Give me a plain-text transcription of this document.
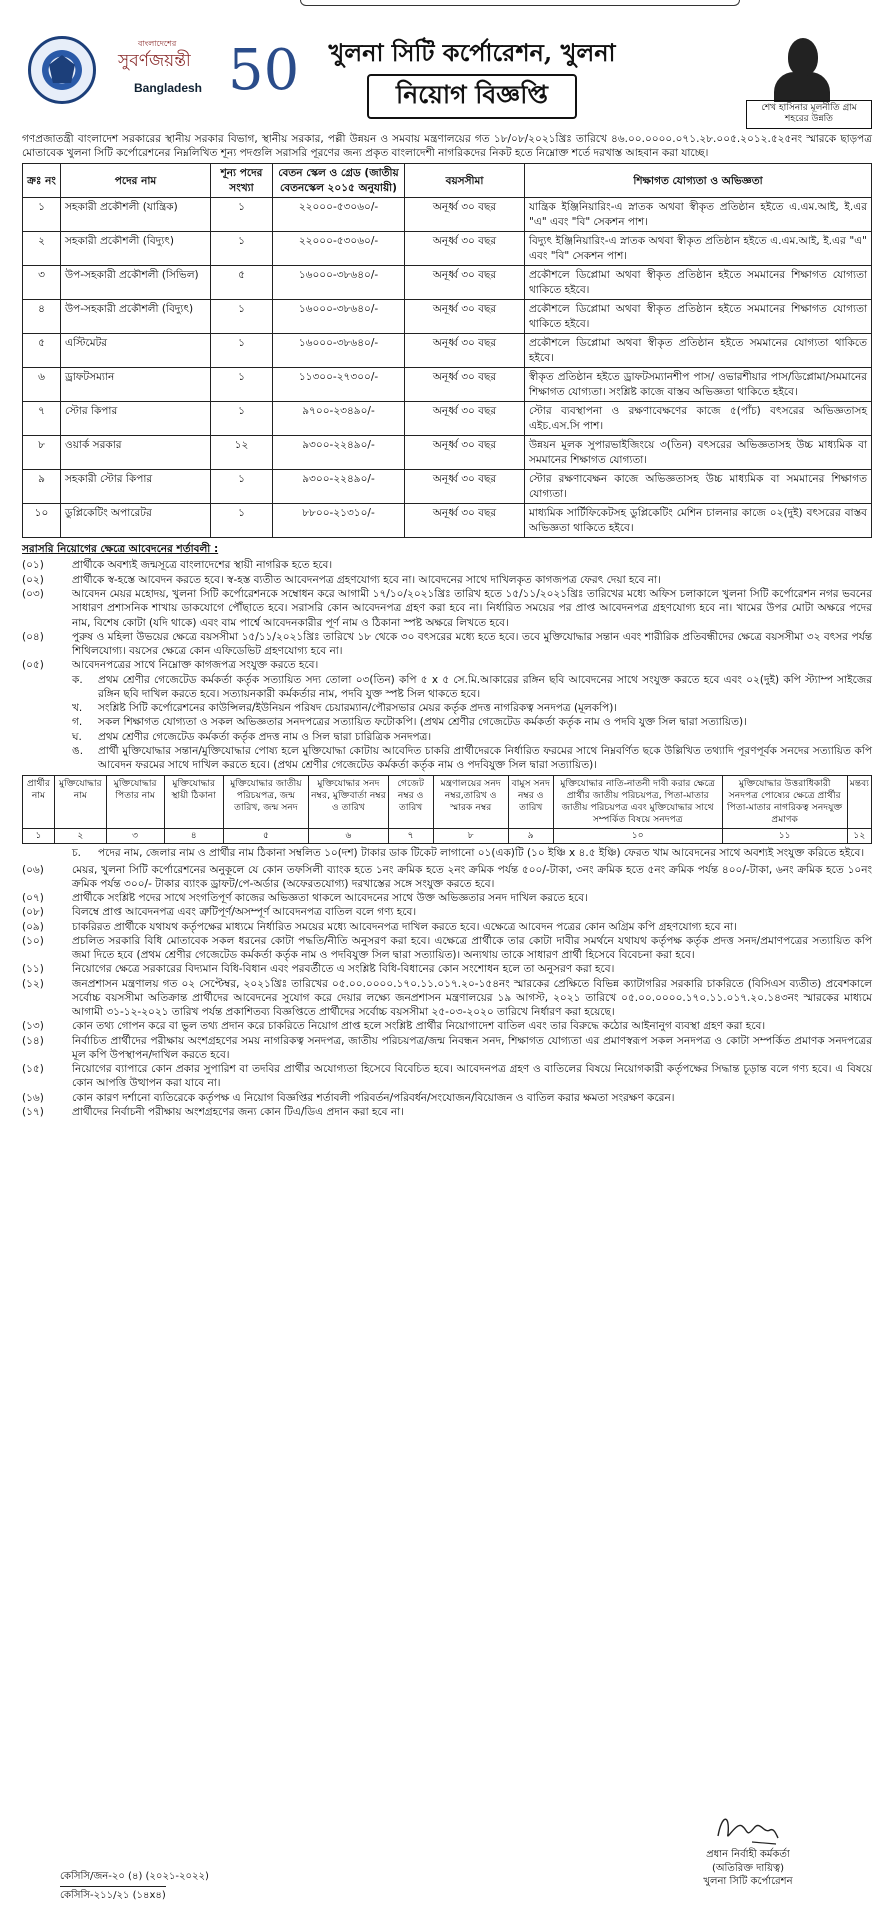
বাংলাদেশের
সুবর্ণজয়ন্তী
Bangladesh 50 খুলনা সিটি কর্পোরেশন, খুলনা
নিয়োগ বিজ্ঞপ্তি	শেখ হাসিনার মূলনীতি গ্রাম শহরের উন্নতি

গণপ্রজাতন্ত্রী বাংলাদেশ সরকারের স্থানীয় সরকার বিভাগ, স্থানীয় সরকার, পল্লী উন্নয়ন ও সমবায় মন্ত্রণালয়ের গত ১৮/০৮/২০২১খ্রিঃ তারিখে ৪৬.০০.০০০০.০৭১.২৮.০০৫.২০১২.৫২৫নং স্মারকে ছাড়পত্র মোতাবেক খুলনা সিটি কর্পোরেশনের নিম্নলিখিত শূন্য পদগুলি সরাসরি পূরণের জন্য প্রকৃত বাংলাদেশী নাগরিকদের নিকট হতে নিম্নোক্ত শর্তে দরখাস্ত আহবান করা যাচ্ছে।

ক্রঃ নং	পদের নাম	শূন্য পদের সংখ্যা	বেতন স্কেল ও গ্রেড (জাতীয় বেতনস্কেল ২০১৫ অনুযায়ী)	বয়সসীমা	শিক্ষাগত যোগ্যতা ও অভিজ্ঞতা
১	সহকারী প্রকৌশলী (যান্ত্রিক)	১	২২০০০-৫৩০৬০/-	অনূর্ধ্ব ৩০ বছর	যান্ত্রিক ইঞ্জিনিয়ারিং-এ স্নাতক অথবা স্বীকৃত প্রতিষ্ঠান হইতে এ.এম.আই, ই.এর "এ" এবং "বি" সেকশন পাশ।
২	সহকারী প্রকৌশলী (বিদ্যুৎ)	১	২২০০০-৫৩০৬০/-	অনূর্ধ্ব ৩০ বছর	বিদ্যুৎ ইঞ্জিনিয়ারিং-এ স্নাতক অথবা স্বীকৃত প্রতিষ্ঠান হইতে এ.এম.আই, ই.এর "এ" এবং "বি" সেকশন পাশ।
৩	উপ-সহকারী প্রকৌশলী (সিভিল)	৫	১৬০০০-৩৮৬৪০/-	অনূর্ধ্ব ৩০ বছর	প্রকৌশলে ডিপ্লোমা অথবা স্বীকৃত প্রতিষ্ঠান হইতে সমমানের শিক্ষাগত যোগ্যতা থাকিতে হইবে।
৪	উপ-সহকারী প্রকৌশলী (বিদ্যুৎ)	১	১৬০০০-৩৮৬৪০/-	অনূর্ধ্ব ৩০ বছর	প্রকৌশলে ডিপ্লোমা অথবা স্বীকৃত প্রতিষ্ঠান হইতে সমমানের শিক্ষাগত যোগ্যতা থাকিতে হইবে।
৫	এস্টিমেটর	১	১৬০০০-৩৮৬৪০/-	অনূর্ধ্ব ৩০ বছর	প্রকৌশলে ডিপ্লোমা অথবা স্বীকৃত প্রতিষ্ঠান হইতে সমমানের যোগ্যতা থাকিতে হইবে।
৬	ড্রাফটসম্যান	১	১১৩০০-২৭৩০০/-	অনূর্ধ্ব ৩০ বছর	স্বীকৃত প্রতিষ্ঠান হইতে ড্রাফটসম্যানশীপ পাস/ ওভারশীয়ার পাস/ডিপ্লোমা/সমমানের শিক্ষাগত যোগ্যতা। সংশ্লিষ্ট কাজে বাস্তব অভিজ্ঞতা থাকিতে হইবে।
৭	স্টোর কিপার	১	৯৭০০-২৩৪৯০/-	অনূর্ধ্ব ৩০ বছর	স্টোর ব্যবস্থাপনা ও রক্ষণাবেক্ষণের কাজে ৫(পাঁচ) বৎসরের অভিজ্ঞতাসহ এইচ.এস.সি পাশ।
৮	ওয়ার্ক সরকার	১২	৯৩০০-২২৪৯০/-	অনূর্ধ্ব ৩০ বছর	উন্নয়ন মূলক সুপারভাইজিংয়ে ৩(তিন) বৎসরের অভিজ্ঞতাসহ উচ্চ মাধ্যমিক বা সমমানের শিক্ষাগত যোগ্যতা।
৯	সহকারী স্টোর কিপার	১	৯৩০০-২২৪৯০/-	অনূর্ধ্ব ৩০ বছর	স্টোর রক্ষণাবেক্ষন কাজে অভিজ্ঞতাসহ উচ্চ মাধ্যমিক বা সমমানের শিক্ষাগত যোগ্যতা।
১০	ডুপ্লিকেটিং অপারেটর	১	৮৮০০-২১৩১০/-	অনূর্ধ্ব ৩০ বছর	মাধ্যমিক সার্টিফিকেটসহ ডুপ্লিকেটিং মেশিন চালনার কাজে ০২(দুই) বৎসরের বাস্তব অভিজ্ঞতা থাকিতে হইবে।
সরাসরি নিয়োগের ক্ষেত্রে আবেদনের শর্তাবলী :
(০১)	প্রার্থীকে অবশ্যই জন্মসূত্রে বাংলাদেশের স্থায়ী নাগরিক হতে হবে।
(০২)	প্রার্থীকে স্ব-হস্তে আবেদন করতে হবে। স্ব-হস্ত ব্যতীত আবেদনপত্র গ্রহণযোগ্য হবে না। আবেদনের সাথে দাখিলকৃত কাগজপত্র ফেরৎ দেয়া হবে না।
(০৩)	আবেদন মেয়র মহোদয়, খুলনা সিটি কর্পোরেশনকে সম্বোধন করে আগামী ১৭/১০/২০২১খ্রিঃ তারিখ হতে ১৫/১১/২০২১খ্রিঃ তারিখের মধ্যে অফিস চলাকালে খুলনা সিটি কর্পোরেশন নগর ভবনের সাধারণ প্রশাসনিক শাখায় ডাকযোগে পৌঁছাতে হবে। সরাসরি কোন আবেদনপত্র গ্রহণ করা হবে না। নির্ধারিত সময়ের পর প্রাপ্ত আবেদনপত্র গ্রহণযোগ্য হবে না। খামের উপর মোটা অক্ষরে পদের নাম, বিশেষ কোটা (যদি থাকে) এবং বাম পার্শ্বে আবেদনকারীর পূর্ণ নাম ও ঠিকানা স্পষ্ট অক্ষরে লিখতে হবে।
(০৪)	পুরুষ ও মহিলা উভয়ের ক্ষেত্রে বয়সসীমা ১৫/১১/২০২১খ্রিঃ তারিখে ১৮ থেকে ৩০ বৎসরের মধ্যে হতে হবে। তবে মুক্তিযোদ্ধার সন্তান এবং শারীরিক প্রতিবন্ধীদের ক্ষেত্রে বয়সসীমা ৩২ বৎসর পর্যন্ত শিথিলযোগ্য। বয়সের ক্ষেত্রে কোন এফিডেভিট গ্রহণযোগ্য হবে না।
(০৫)	আবেদনপত্রের সাথে নিম্নোক্ত কাগজপত্র সংযুক্ত করতে হবে।
ক.	প্রথম শ্রেণীর গেজেটেড কর্মকর্তা কর্তৃক সত্যায়িত সদ্য তোলা ০৩(তিন) কপি ৫ x ৫ সে.মি.আকারের রঙ্গিন ছবি আবেদনের সাথে সংযুক্ত করতে হবে এবং ০২(দুই) কপি স্ট্যাম্প সাইজের রঙ্গিন ছবি দাখিল করতে হবে। সত্যায়নকারী কর্মকর্তার নাম, পদবি যুক্ত স্পষ্ট সিল থাকতে হবে।
খ.	সংশ্লিষ্ট সিটি কর্পোরেশনের কাউন্সিলর/ইউনিয়ন পরিষদ চেয়ারম্যান/পৌরসভার মেয়র কর্তৃক প্রদত্ত নাগরিকত্ব সনদপত্র (মূলকপি)।
গ.	সকল শিক্ষাগত যোগ্যতা ও সকল অভিজ্ঞতার সনদপত্রের সত্যায়িত ফটোকপি। (প্রথম শ্রেণীর গেজেটেড কর্মকর্তা কর্তৃক নাম ও পদবি যুক্ত সিল দ্বারা সত্যায়িত)।
ঘ.	প্রথম শ্রেণীর গেজেটেড কর্মকর্তা কর্তৃক প্রদত্ত নাম ও সিল দ্বারা চারিত্রিক সনদপত্র।
ঙ.	প্রার্থী মুক্তিযোদ্ধার সন্তান/মুক্তিযোদ্ধার পোষ্য হলে মুক্তিযোদ্ধা কোটায় আবেদিত চাকরি প্রার্থীদেরকে নির্ধারিত ফরমের সাথে নিম্নবর্ণিত ছকে উল্লিখিত তথ্যাদি পূরণপূর্বক সনদের সত্যায়িত কপি আবেদন ফরমের সাথে দাখিল করতে হবে। (প্রথম শ্রেণীর গেজেটেড কর্মকর্তা কর্তৃক নাম ও পদবিযুক্ত সিল দ্বারা সত্যায়িত)।
প্রার্থীর নাম	মুক্তিযোদ্ধার নাম	মুক্তিযোদ্ধার পিতার নাম	মুক্তিযোদ্ধার স্থায়ী ঠিকানা	মুক্তিযোদ্ধার জাতীয় পরিচয়পত্র, জন্ম তারিখ, জন্ম সনদ	মুক্তিযোদ্ধার সনদ নম্বর, মুক্তিবার্তা নম্বর ও তারিখ	গেজেট নম্বর ও তারিখ	মন্ত্রণালয়ের সনদ নম্বর,তারিখ ও স্মারক নম্বর	বামুস সনদ নম্বর ও তারিখ	মুক্তিযোদ্ধার নাতি-নাতনী দাবী করার ক্ষেত্রে প্রার্থীর জাতীয় পরিচয়পত্র, পিতা-মাতার জাতীয় পরিচয়পত্র এবং মুক্তিযোদ্ধার সাথে সম্পর্কিত বিষয়ে সনদপত্র	মুক্তিযোদ্ধার উত্তরাধিকারী সনদপত্র পোষ্যের ক্ষেত্রে প্রার্থীর পিতা-মাতার নাগরিকত্ব সনদযুক্ত প্রমাণক	মন্তব্য
১	২	৩	৪	৫	৬	৭	৮	৯	১০	১১	১২
চ.	পদের নাম, জেলার নাম ও প্রার্থীর নাম ঠিকানা সম্বলিত ১০(দশ) টাকার ডাক টিকেট লাগানো ০১(এক)টি (১০ ইঞ্চি x ৪.৫ ইঞ্চি) ফেরত খাম আবেদনের সাথে অবশ্যই সংযুক্ত করিতে হইবে।
(০৬)	মেয়র, খুলনা সিটি কর্পোরেশনের অনুকূলে যে কোন তফসিলী ব্যাংক হতে ১নং ক্রমিক হতে ২নং ক্রমিক পর্যন্ত ৫০০/-টাকা, ৩নং ক্রমিক হতে ৫নং ক্রমিক পর্যন্ত ৪০০/-টাকা, ৬নং ক্রমিক হতে ১০নং ক্রমিক পর্যন্ত ৩০০/- টাকার ব্যাংক ড্রাফট/পে-অর্ডার (অফেরতযোগ্য) দরখাস্তের সঙ্গে সংযুক্ত করতে হবে।
(০৭)	প্রার্থীকে সংশ্লিষ্ট পদের সাথে সংগতিপূর্ণ কাজের অভিজ্ঞতা থাকলে আবেদনের সাথে উক্ত অভিজ্ঞতার সনদ দাখিল করতে হবে।
(০৮)	বিলম্বে প্রাপ্ত আবেদনপত্র এবং ত্রুটিপূর্ণ/অসম্পূর্ণ আবেদনপত্র বাতিল বলে গণ্য হবে।
(০৯)	চাকরিরত প্রার্থীকে যথাযথ কর্তৃপক্ষের মাধ্যমে নির্ধারিত সময়ের মধ্যে আবেদনপত্র দাখিল করতে হবে। এক্ষেত্রে আবেদন পত্রের কোন অগ্রিম কপি গ্রহণযোগ্য হবে না।
(১০)	প্রচলিত সরকারি বিধি মোতাবেক সকল ধরনের কোটা পদ্ধতি/নীতি অনুসরণ করা হবে। এক্ষেত্রে প্রার্থীকে তার কোটা দাবীর সমর্থনে যথাযথ কর্তৃপক্ষ কর্তৃক প্রদত্ত সনদ/প্রমাণপত্রের সত্যায়িত কপি জমা দিতে হবে (প্রথম শ্রেণীর গেজেটেড কর্মকর্তা কর্তৃক নাম ও পদবিযুক্ত সিল দ্বারা সত্যায়িত)। অন্যথায় তাকে সাধারণ প্রার্থী হিসেবে বিবেচনা করা হবে।
(১১)	নিয়োগের ক্ষেত্রে সরকারের বিদ্যমান বিধি-বিধান এবং পরবর্তীতে এ সংশ্লিষ্ট বিধি-বিধানের কোন সংশোধন হলে তা অনুসরণ করা হবে।
(১২)	জনপ্রশাসন মন্ত্রণালয় গত ০২ সেপ্টেম্বর, ২০২১খ্রিঃ তারিখের ০৫.০০.০০০০.১৭০.১১.০১৭.২০-১৫৪নং স্মারকের প্রেক্ষিতে বিভিন্ন ক্যাটাগরির সরকারি চাকরিতে (বিসিএস ব্যতীত) প্রবেশকালে সর্বোচ্চ বয়সসীমা অতিক্রান্ত প্রার্থীদের আবেদনের সুযোগ করে দেয়ার লক্ষ্যে জনপ্রশাসন মন্ত্রণালয়ের ১৯ আগস্ট, ২০২১ তারিখে ০৫.০০.০০০০.১৭০.১১.০১৭.২০.১৪৩নং স্মারকের মাধ্যমে আগামী ৩১-১২-২০২১ তারিখ পর্যন্ত প্রকাশিতব্য বিজ্ঞপ্তিতে প্রার্থীদের সর্বোচ্চ বয়সসীমা ২৫-০৩-২০২০ তারিখে নির্ধারণ করা হয়েছে।
(১৩)	কোন তথ্য গোপন করে বা ভুল তথ্য প্রদান করে চাকরিতে নিয়োগ প্রাপ্ত হলে সংশ্লিষ্ট প্রার্থীর নিয়োগাদেশ বাতিল এবং তার বিরুদ্ধে কঠোর আইনানুগ ব্যবস্থা গ্রহণ করা হবে।
(১৪)	নির্বাচিত প্রার্থীদের পরীক্ষায় অংশগ্রহণের সময় নাগরিকত্ব সনদপত্র, জাতীয় পরিচয়পত্র/জন্ম নিবন্ধন সনদ, শিক্ষাগত যোগ্যতা এর প্রমাণস্বরূপ সকল সনদপত্র ও কোটা সম্পর্কিত প্রমাণক সনদপত্রের মূল কপি উপস্থাপন/দাখিল করতে হবে।
(১৫)	নিয়োগের ব্যাপারে কোন প্রকার সুপারিশ বা তদবির প্রার্থীর অযোগ্যতা হিসেবে বিবেচিত হবে। আবেদনপত্র গ্রহণ ও বাতিলের বিষয়ে নিয়োগকারী কর্তৃপক্ষের সিদ্ধান্ত চূড়ান্ত বলে গণ্য হবে। এ বিষয়ে কোন আপত্তি উত্থাপন করা যাবে না।
(১৬)	কোন কারণ দর্শানো ব্যতিরেকে কর্তৃপক্ষ এ নিয়োগ বিজ্ঞপ্তির শর্তাবলী পরিবর্তন/পরিবর্ধন/সংযোজন/বিয়োজন ও বাতিল করার ক্ষমতা সংরক্ষণ করেন।
(১৭)	প্রার্থীদের নির্বাচনী পরীক্ষায় অংশগ্রহণের জন্য কোন টিএ/ডিএ প্রদান করা হবে না।
প্রধান নির্বাহী কর্মকর্তা
(অতিরিক্ত দায়িত্ব)
খুলনা সিটি কর্পোরেশন
কেসিসি/জন-২০ (৪) (২০২১-২০২২)
কেসিসি-২১১/২১ (১৪x৪)
